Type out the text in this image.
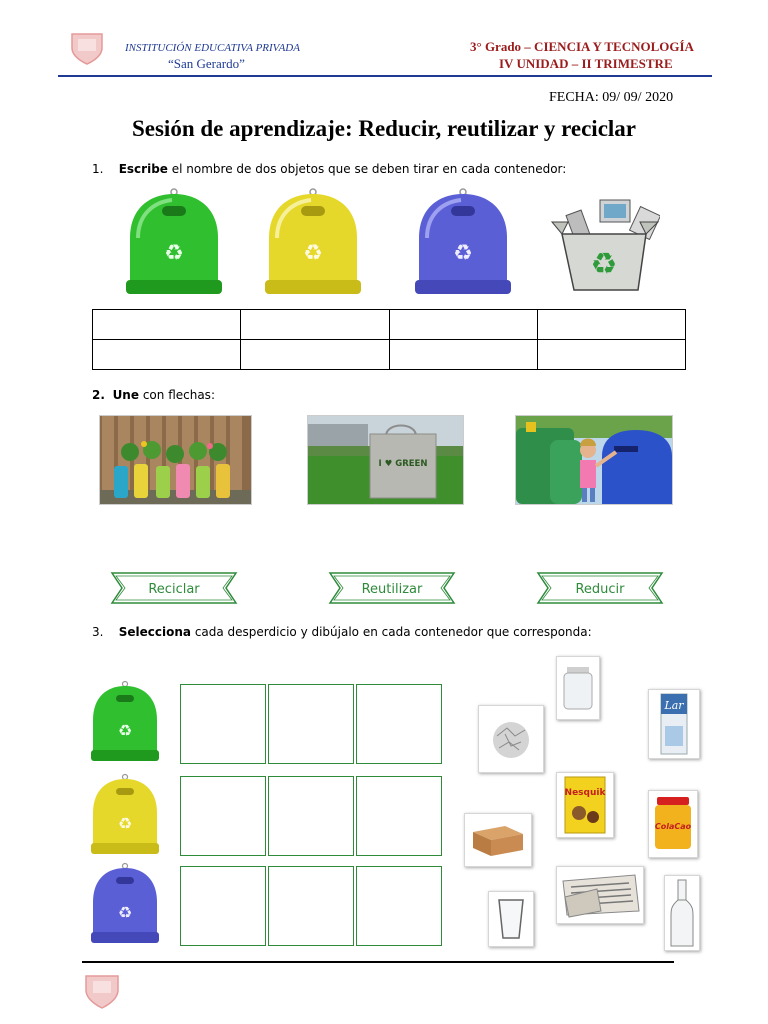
INSTITUCIÓN EDUCATIVA PRIVADA
“San Gerardo”
3° Grado – CIENCIA Y TECNOLOGÍA
IV UNIDAD – II TRIMESTRE
FECHA: 09/ 09/ 2020
Sesión de aprendizaje: Reducir, reutilizar y reciclar
1. Escribe el nombre de dos objetos que se deben tirar en cada contenedor:
♻	♻	♻	♻

2. Une con flechas:
I ♥ GREEN
Reciclar	Reutilizar	Reducir
3. Selecciona cada desperdicio y dibújalo en cada contenedor que corresponda:
♻
♻
♻
Lar
Nesquik
ColaCao
